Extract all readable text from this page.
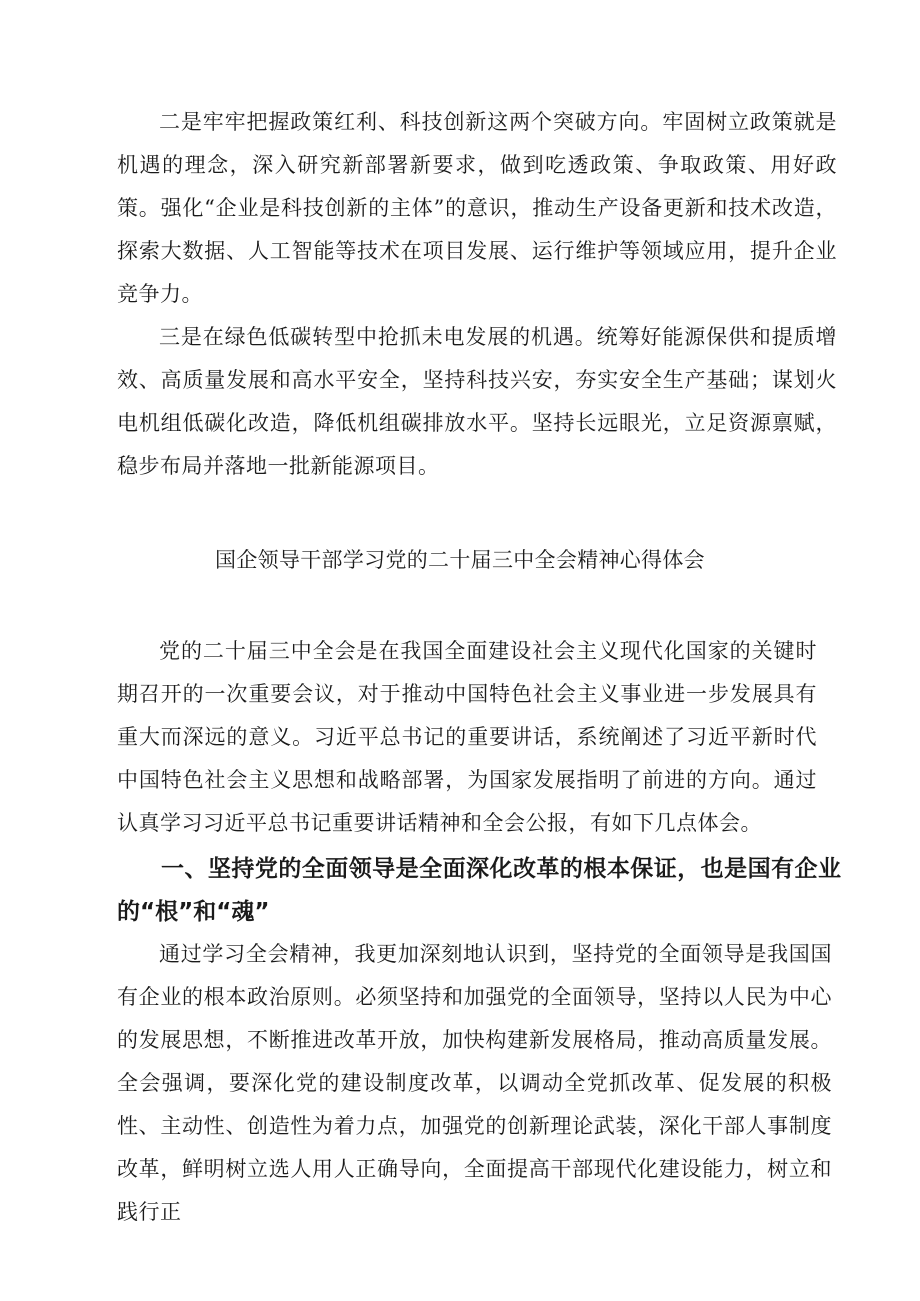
二是牢牢把握政策红利、科技创新这两个突破方向。牢固树立政策就是机遇的理念，深入研究新部署新要求，做到吃透政策、争取政策、用好政策。强化“企业是科技创新的主体”的意识，推动生产设备更新和技术改造，探索大数据、人工智能等技术在项目发展、运行维护等领域应用，提升企业竞争力。

三是在绿色低碳转型中抢抓未电发展的机遇。统筹好能源保供和提质增效、高质量发展和高水平安全，坚持科技兴安，夯实安全生产基础；谋划火电机组低碳化改造，降低机组碳排放水平。坚持长远眼光，立足资源禀赋，稳步布局并落地一批新能源项目。

国企领导干部学习党的二十届三中全会精神心得体会

党的二十届三中全会是在我国全面建设社会主义现代化国家的关键时期召开的一次重要会议，对于推动中国特色社会主义事业进一步发展具有重大而深远的意义。习近平总书记的重要讲话，系统阐述了习近平新时代中国特色社会主义思想和战略部署，为国家发展指明了前进的方向。通过认真学习习近平总书记重要讲话精神和全会公报，有如下几点体会。

一、坚持党的全面领导是全面深化改革的根本保证，也是国有企业的“根”和“魂”

通过学习全会精神，我更加深刻地认识到，坚持党的全面领导是我国国有企业的根本政治原则。必须坚持和加强党的全面领导，坚持以人民为中心的发展思想，不断推进改革开放，加快构建新发展格局，推动高质量发展。全会强调，要深化党的建设制度改革，以调动全党抓改革、促发展的积极性、主动性、创造性为着力点，加强党的创新理论武装，深化干部人事制度改革，鲜明树立选人用人正确导向，全面提高干部现代化建设能力，树立和践行正
